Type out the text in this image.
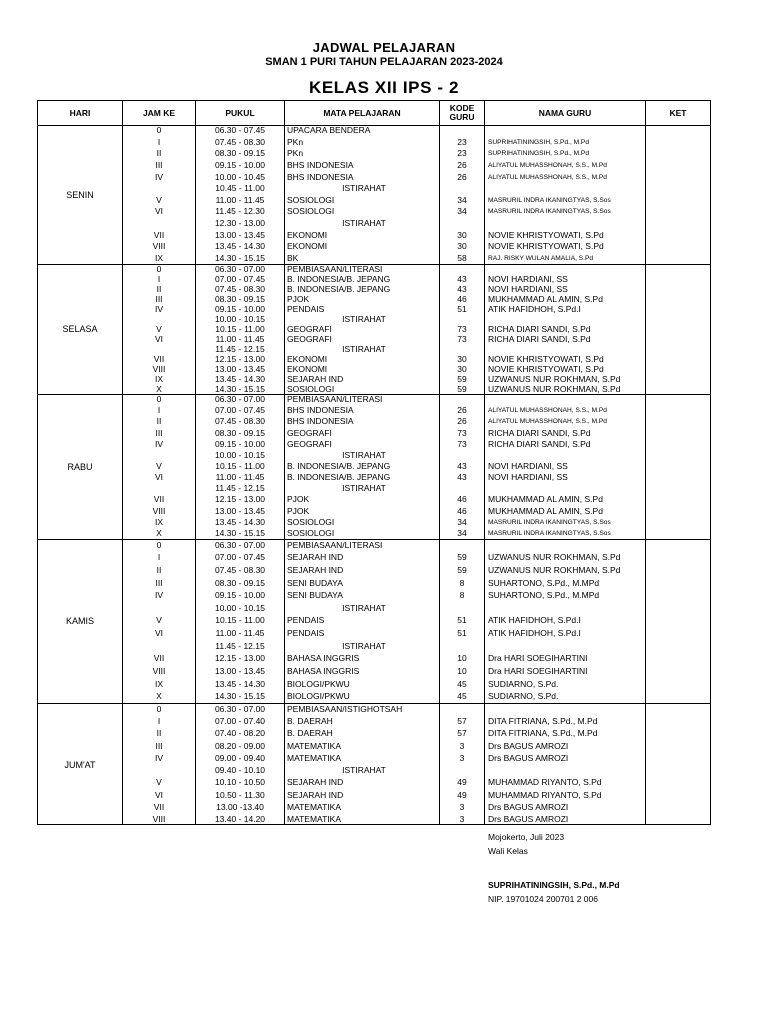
JADWAL PELAJARAN
SMAN 1 PURI TAHUN PELAJARAN 2023-2024
KELAS XII IPS - 2
HARI	JAM KE	PUKUL	MATA PELAJARAN	KODE GURU	NAMA GURU	KET
SENIN
0	06.30 - 07.45	UPACARA BENDERA
I	07.45 - 08.30	PKn	23	SUPRIHATININGSIH, S.Pd., M.Pd
II	08.30 - 09.15	PKn	23	SUPRIHATININGSIH, S.Pd., M.Pd
III	09.15 - 10.00	BHS INDONESIA	26	ALIYATUL MUHASSHONAH, S.S., M.Pd
IV	10.00 - 10.45	BHS INDONESIA	26	ALIYATUL MUHASSHONAH, S.S., M.Pd
10.45 - 11.00	ISTIRAHAT
V	11.00 - 11.45	SOSIOLOGI	34	MASRURIL INDRA IKANINGTYAS, S.Sos
VI	11.45 - 12.30	SOSIOLOGI	34	MASRURIL INDRA IKANINGTYAS, S.Sos
12.30 - 13.00	ISTIRAHAT
VII	13.00 - 13.45	EKONOMI	30	NOVIE KHRISTYOWATI, S.Pd
VIII	13.45 - 14.30	EKONOMI	30	NOVIE KHRISTYOWATI, S.Pd
IX	14.30 - 15.15	BK	58	RAJ. RISKY WULAN AMALIA, S.Pd
SELASA
0	06.30 - 07.00	PEMBIASAAN/LITERASI
I	07.00 - 07.45	B. INDONESIA/B. JEPANG	43	NOVI HARDIANI, SS
II	07.45 - 08.30	B. INDONESIA/B. JEPANG	43	NOVI HARDIANI, SS
III	08.30 - 09.15	PJOK	46	MUKHAMMAD AL AMIN, S.Pd
IV	09.15 - 10.00	PENDAIS	51	ATIK HAFIDHOH, S.Pd.I
10.00 - 10.15	ISTIRAHAT
V	10.15 - 11.00	GEOGRAFI	73	RICHA DIARI SANDI, S.Pd
VI	11.00 - 11.45	GEOGRAFI	73	RICHA DIARI SANDI, S.Pd
11.45 - 12.15	ISTIRAHAT
VII	12.15 - 13.00	EKONOMI	30	NOVIE KHRISTYOWATI, S.Pd
VIII	13.00 - 13.45	EKONOMI	30	NOVIE KHRISTYOWATI, S.Pd
IX	13.45 - 14.30	SEJARAH IND	59	UZWANUS NUR ROKHMAN, S.Pd
X	14.30 - 15.15	SOSIOLOGI	59	UZWANUS NUR ROKHMAN, S.Pd
RABU
0	06.30 - 07.00	PEMBIASAAN/LITERASI
I	07.00 - 07.45	BHS INDONESIA	26	ALIYATUL MUHASSHONAH, S.S., M.Pd
II	07.45 - 08.30	BHS INDONESIA	26	ALIYATUL MUHASSHONAH, S.S., M.Pd
III	08.30 - 09.15	GEOGRAFI	73	RICHA DIARI SANDI, S.Pd
IV	09.15 - 10.00	GEOGRAFI	73	RICHA DIARI SANDI, S.Pd
10.00 - 10.15	ISTIRAHAT
V	10.15 - 11.00	B. INDONESIA/B. JEPANG	43	NOVI HARDIANI, SS
VI	11.00 - 11.45	B. INDONESIA/B. JEPANG	43	NOVI HARDIANI, SS
11.45 - 12.15	ISTIRAHAT
VII	12.15 - 13.00	PJOK	46	MUKHAMMAD AL AMIN, S.Pd
VIII	13.00 - 13.45	PJOK	46	MUKHAMMAD AL AMIN, S.Pd
IX	13.45 - 14.30	SOSIOLOGI	34	MASRURIL INDRA IKANINGTYAS, S.Sos
X	14.30 - 15.15	SOSIOLOGI	34	MASRURIL INDRA IKANINGTYAS, S.Sos
KAMIS
0	06.30 - 07.00	PEMBIASAAN/LITERASI
I	07.00 - 07.45	SEJARAH IND	59	UZWANUS NUR ROKHMAN, S.Pd
II	07.45 - 08.30	SEJARAH IND	59	UZWANUS NUR ROKHMAN, S.Pd
III	08.30 - 09.15	SENI BUDAYA	8	SUHARTONO, S.Pd., M.MPd
IV	09.15 - 10.00	SENI BUDAYA	8	SUHARTONO, S.Pd., M.MPd
10.00 - 10.15	ISTIRAHAT
V	10.15 - 11.00	PENDAIS	51	ATIK HAFIDHOH, S.Pd.I
VI	11.00 - 11.45	PENDAIS	51	ATIK HAFIDHOH, S.Pd.I
11.45 - 12.15	ISTIRAHAT
VII	12.15 - 13.00	BAHASA INGGRIS	10	Dra HARI SOEGIHARTINI
VIII	13.00 - 13.45	BAHASA INGGRIS	10	Dra HARI SOEGIHARTINI
IX	13.45 - 14.30	BIOLOGI/PKWU	45	SUDIARNO, S.Pd.
X	14.30 - 15.15	BIOLOGI/PKWU	45	SUDIARNO, S.Pd.
JUM'AT
0	06.30 - 07.00	PEMBIASAAN/ISTIGHOTSAH
I	07.00 - 07.40	B. DAERAH	57	DITA FITRIANA, S.Pd., M.Pd
II	07.40 - 08.20	B. DAERAH	57	DITA FITRIANA, S.Pd., M.Pd
III	08.20 - 09.00	MATEMATIKA	3	Drs BAGUS AMROZI
IV	09.00 - 09.40	MATEMATIKA	3	Drs BAGUS AMROZI
09.40 - 10.10	ISTIRAHAT
V	10.10 - 10.50	SEJARAH IND	49	MUHAMMAD RIYANTO, S.Pd
VI	10.50 - 11.30	SEJARAH IND	49	MUHAMMAD RIYANTO, S.Pd
VII	13.00 -13.40	MATEMATIKA	3	Drs BAGUS AMROZI
VIII	13.40 - 14.20	MATEMATIKA	3	Drs BAGUS AMROZI
Mojokerto, Juli 2023
Wali Kelas
SUPRIHATININGSIH, S.Pd., M.Pd
NIP. 19701024 200701 2 006
